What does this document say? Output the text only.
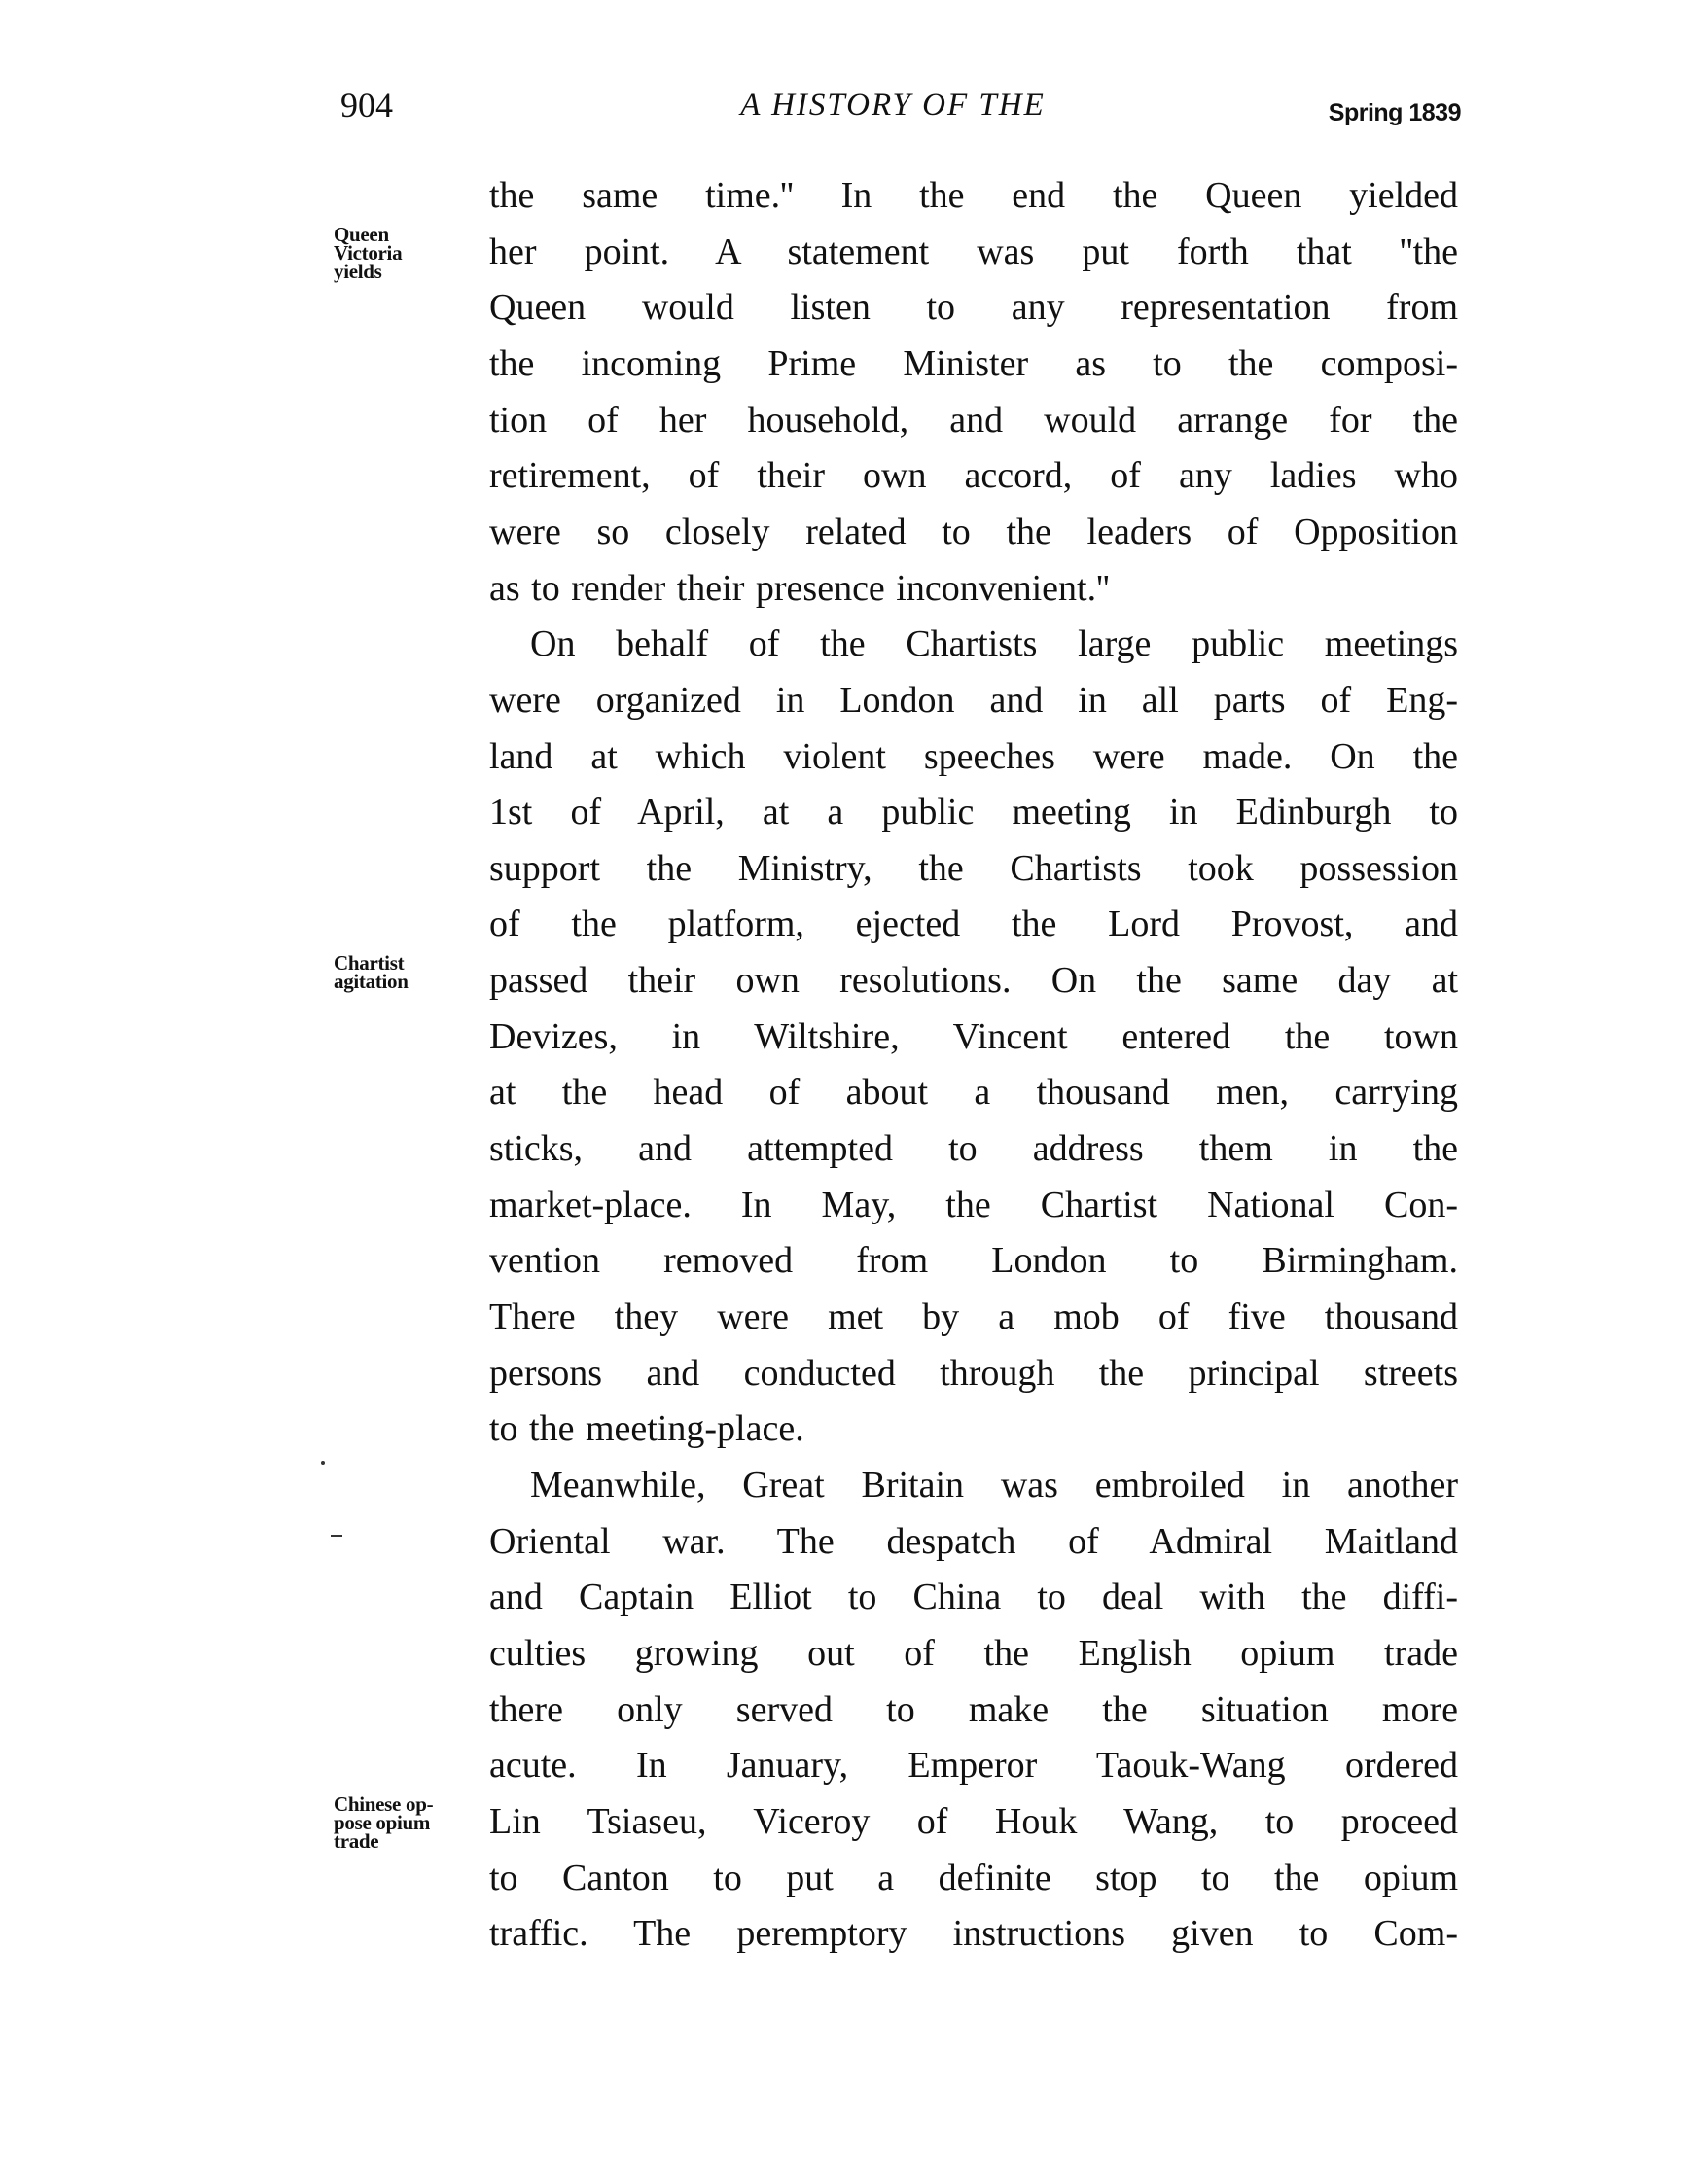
904	A HISTORY OF THE	Spring 1839
the same time.'' In the end the Queen yielded
her point. A statement was put forth that ''the
Queen would listen to any representation from
the incoming Prime Minister as to the composi-
tion of her household, and would arrange for the
retirement, of their own accord, of any ladies who
were so closely related to the leaders of Opposition
as to render their presence inconvenient.''
On behalf of the Chartists large public meetings
were organized in London and in all parts of Eng-
land at which violent speeches were made. On the
1st of April, at a public meeting in Edinburgh to
support the Ministry, the Chartists took possession
of the platform, ejected the Lord Provost, and
passed their own resolutions. On the same day at
Devizes, in Wiltshire, Vincent entered the town
at the head of about a thousand men, carrying
sticks, and attempted to address them in the
market-place. In May, the Chartist National Con-
vention removed from London to Birmingham.
There they were met by a mob of five thousand
persons and conducted through the principal streets
to the meeting-place.
Meanwhile, Great Britain was embroiled in another
Oriental war. The despatch of Admiral Maitland
and Captain Elliot to China to deal with the diffi-
culties growing out of the English opium trade
there only served to make the situation more
acute. In January, Emperor Taouk-Wang ordered
Lin Tsiaseu, Viceroy of Houk Wang, to proceed
to Canton to put a definite stop to the opium
traffic. The peremptory instructions given to Com-
Queen
Victoria
yields
Chartist
agitation
Chinese op-
pose opium
trade
